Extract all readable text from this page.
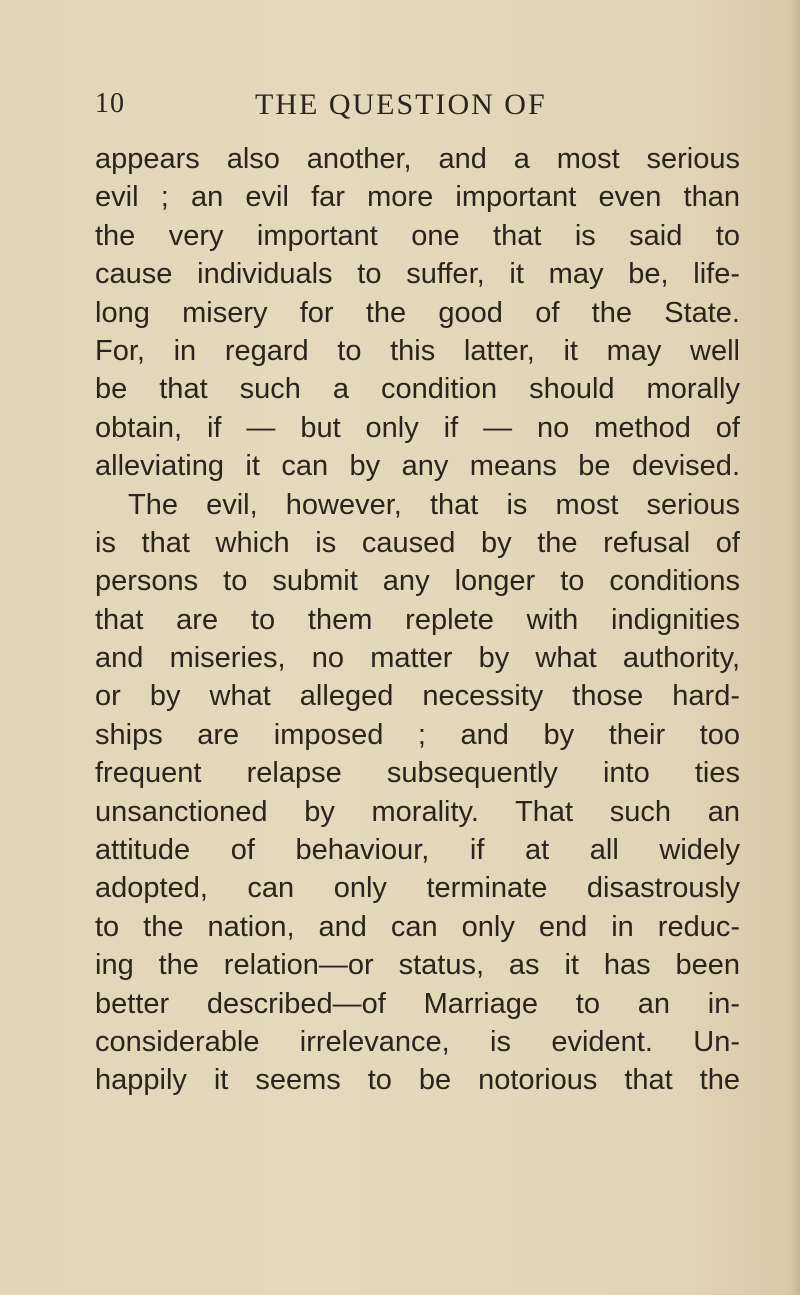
10	THE QUESTION OF
appears also another, and a most serious
evil ; an evil far more important even than
the very important one that is said to
cause individuals to suffer, it may be, life-
long misery for the good of the State.
For, in regard to this latter, it may well
be that such a condition should morally
obtain, if — but only if — no method of
alleviating it can by any means be devised.
The evil, however, that is most serious
is that which is caused by the refusal of
persons to submit any longer to conditions
that are to them replete with indignities
and miseries, no matter by what authority,
or by what alleged necessity those hard-
ships are imposed ; and by their too
frequent relapse subsequently into ties
unsanctioned by morality. That such an
attitude of behaviour, if at all widely
adopted, can only terminate disastrously
to the nation, and can only end in reduc-
ing the relation—or status, as it has been
better described—of Marriage to an in-
considerable irrelevance, is evident. Un-
happily it seems to be notorious that the
